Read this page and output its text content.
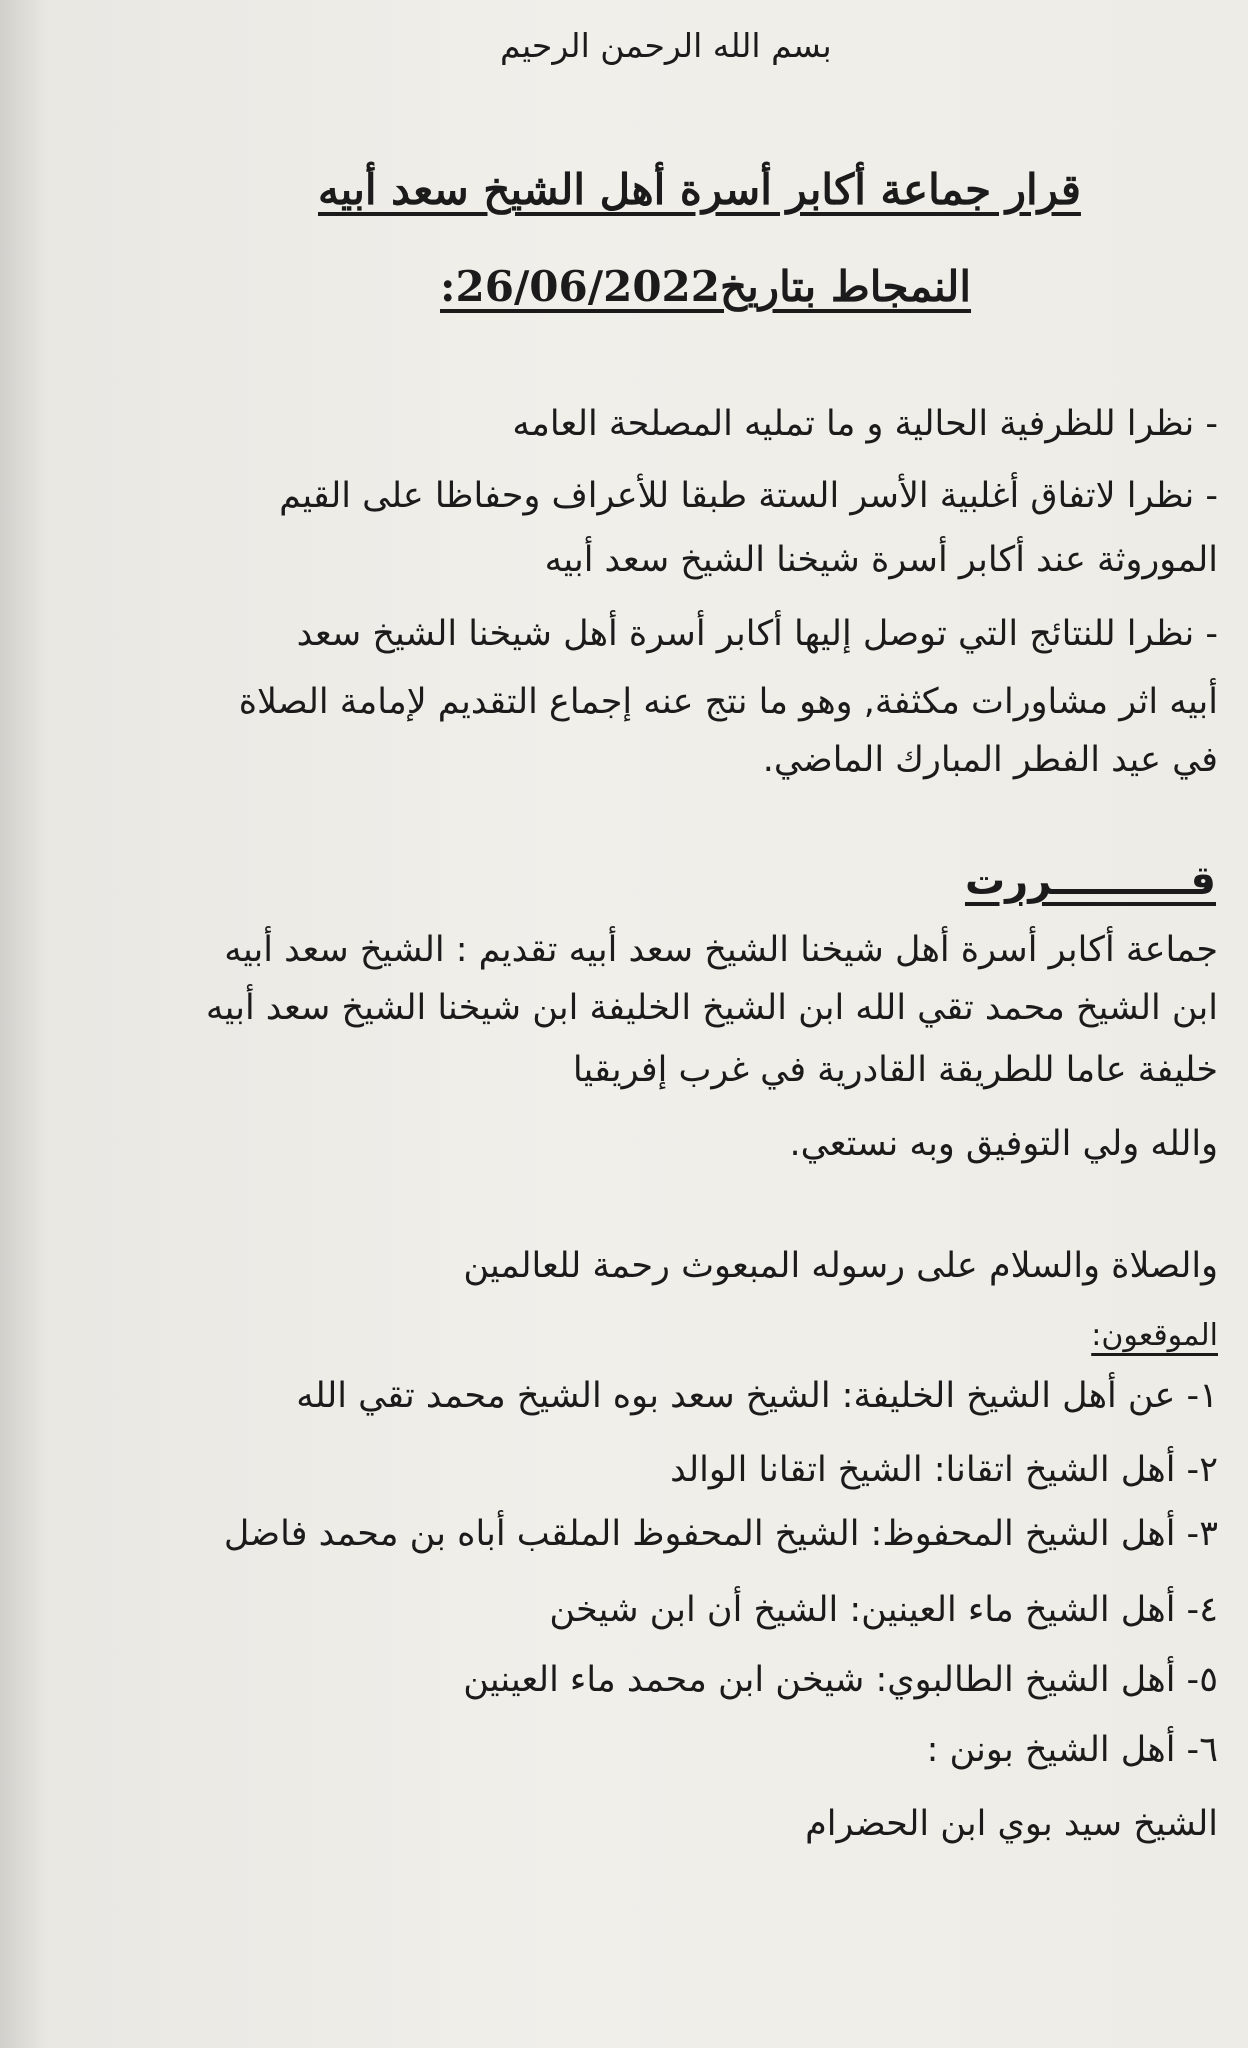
بسم الله الرحمن الرحيم
قرار جماعة أكابر أسرة أهل الشيخ سعد أبيه
النمجاط بتاريخ26/06/2022:
- نظرا للظرفية الحالية و ما تمليه المصلحة العامه
- نظرا لاتفاق أغلبية الأسر الستة طبقا للأعراف وحفاظا على القيم
الموروثة عند أكابر أسرة شيخنا الشيخ سعد أبيه
- نظرا للنتائج التي توصل إليها أكابر أسرة أهل شيخنا الشيخ سعد
أبيه اثر مشاورات مكثفة, وهو ما نتج عنه إجماع التقديم لإمامة الصلاة
في عيد الفطر المبارك الماضي.
قــــــــــررت
جماعة أكابر أسرة أهل شيخنا الشيخ سعد أبيه تقديم : الشيخ سعد أبيه
ابن الشيخ محمد تقي الله ابن الشيخ الخليفة ابن شيخنا الشيخ سعد أبيه
خليفة عاما للطريقة القادرية في غرب إفريقيا
والله ولي التوفيق وبه نستعي.
والصلاة والسلام على رسوله المبعوث رحمة للعالمين
الموقعون:
١- عن أهل الشيخ الخليفة: الشيخ سعد بوه الشيخ محمد تقي الله
٢- أهل الشيخ اتقانا: الشيخ اتقانا الوالد
٣- أهل الشيخ المحفوظ: الشيخ المحفوظ الملقب أباه بن محمد فاضل
٤- أهل الشيخ ماء العينين: الشيخ أن ابن شيخن
٥- أهل الشيخ الطالبوي: شيخن ابن محمد ماء العينين
٦- أهل الشيخ بونن :
الشيخ سيد بوي ابن الحضرام
